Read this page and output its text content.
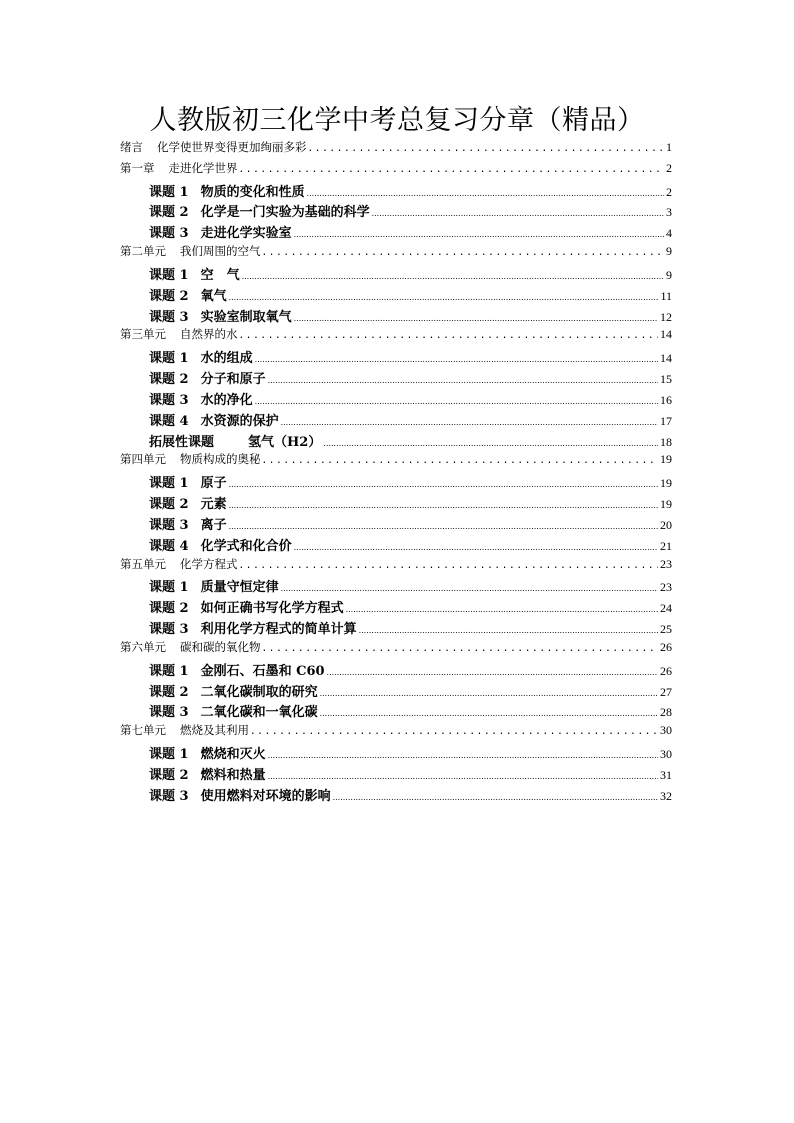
人教版初三化学中考总复习分章（精品）
绪言 化学使世界变得更加绚丽多彩 . . .	1
第一章 走进化学世界 . . .	2
课题 1 物质的变化和性质 .....	2
课题 2 化学是一门实验为基础的科学 .....	3
课题 3 走进化学实验室 .....	4
第二单元 我们周围的空气 . . .	9
课题 1 空　气 .....	9
课题 2 氧气 .....	11
课题 3 实验室制取氧气 .....	12
第三单元 自然界的水 . . .	14
课题 1 水的组成 .....	14
课题 2 分子和原子 .....	15
课题 3 水的净化 .....	16
课题 4 水资源的保护 .....	17
拓展性课题	氢气（H2） .....	18
第四单元 物质构成的奥秘 . . .	19
课题 1 原子 .....	19
课题 2 元素 .....	19
课题 3 离子 .....	20
课题 4 化学式和化合价 .....	21
第五单元 化学方程式 . . .	23
课题 1 质量守恒定律 .....	23
课题 2 如何正确书写化学方程式 .....	24
课题 3 利用化学方程式的简单计算 .....	25
第六单元 碳和碳的氧化物 . . .	26
课题 1 金刚石、石墨和 C60 .....	26
课题 2 二氧化碳制取的研究 .....	27
课题 3 二氧化碳和一氧化碳 .....	28
第七单元 燃烧及其利用 . . .	30
课题 1 燃烧和灭火 .....	30
课题 2 燃料和热量 .....	31
课题 3 使用燃料对环境的影响 .....	32
